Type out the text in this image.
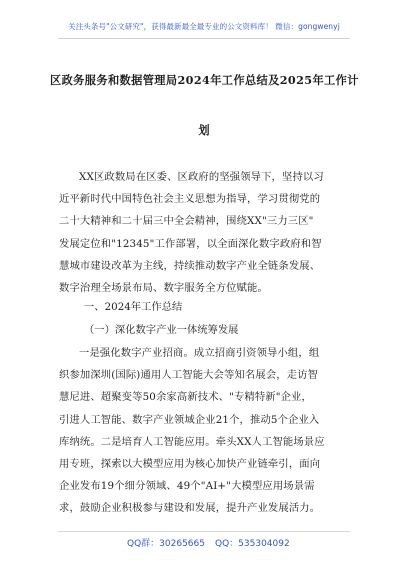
关注头条号"公文研究"，获得最新最全最专业的公文资料库！ 微信：gongwenyj
区政务服务和数据管理局2024年工作总结及2025年工作计
划
XX区政数局在区委、区政府的坚强领导下，坚持以习
近平新时代中国特色社会主义思想为指导，学习贯彻党的
二十大精神和二十届三中全会精神，围绕XX"三力三区"
发展定位和"12345"工作部署，以全面深化数字政府和智
慧城市建设改革为主线，持续推动数字产业全链条发展、
数字治理全场景布局、数字服务全方位赋能。
一、2024年工作总结
（一）深化数字产业一体统筹发展
一是强化数字产业招商。成立招商引资领导小组，组
织参加深圳(国际)通用人工智能大会等知名展会，走访智
慧尼进、超聚变等50余家高新技术、"专精特新"企业，
引进人工智能、数字产业领域企业21个，推动5个企业入
库纳统。二是培育人工智能应用。牵头XX人工智能场景应
用专班，探索以大模型应用为核心加快产业链牵引，面向
企业发布19个细分领域、49个"AI+"大模型应用场景需
求，鼓励企业积极参与建设和发展，提升产业发展活力。
QQ群：30265665 QQ：535304092
